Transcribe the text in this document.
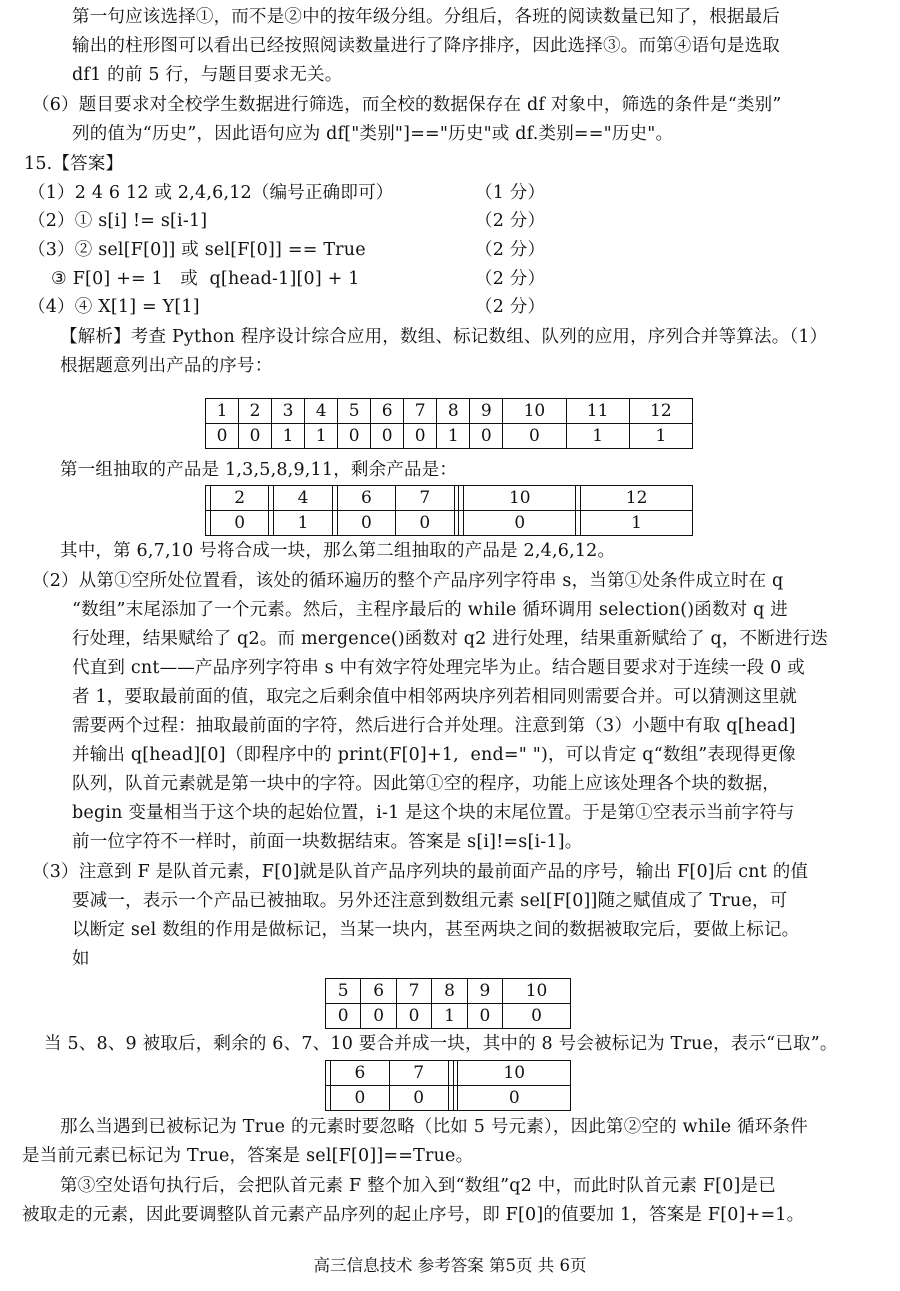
第一句应该选择①，而不是②中的按年级分组。分组后，各班的阅读数量已知了，根据最后
输出的柱形图可以看出已经按照阅读数量进行了降序排序，因此选择③。而第④语句是选取
df1 的前 5 行，与题目要求无关。
（6）题目要求对全校学生数据进行筛选，而全校的数据保存在 df 对象中，筛选的条件是“类别”
列的值为“历史”，因此语句应为 df["类别"]=="历史"或 df.类别=="历史"。
15.【答案】
（1）2 4 6 12 或 2,4,6,12（编号正确即可）	（1 分）
（2）① s[i] != s[i-1]	（2 分）
（3）② sel[F[0]] 或 sel[F[0]] == True	（2 分）
③ F[0] += 1   或  q[head-1][0] + 1	（2 分）
（4）④ X[1] = Y[1]	（2 分）
【解析】考查 Python 程序设计综合应用，数组、标记数组、队列的应用，序列合并等算法。（1）
根据题意列出产品的序号：
1	2	3	4	5	6	7	8	9	10	11	12
0	0	1	1	0	0	0	1	0	0	1	1
第一组抽取的产品是 1,3,5,8,9,11，剩余产品是：
	2		4		6	7			10		12
	0		1		0	0			0		1
其中，第 6,7,10 号将合成一块，那么第二组抽取的产品是 2,4,6,12。
（2）从第①空所处位置看，该处的循环遍历的整个产品序列字符串 s，当第①处条件成立时在 q
“数组”末尾添加了一个元素。然后，主程序最后的 while 循环调用 selection()函数对 q 进
行处理，结果赋给了 q2。而 mergence()函数对 q2 进行处理，结果重新赋给了 q，不断进行迭
代直到 cnt——产品序列字符串 s 中有效字符处理完毕为止。结合题目要求对于连续一段 0 或
者 1，要取最前面的值，取完之后剩余值中相邻两块序列若相同则需要合并。可以猜测这里就
需要两个过程：抽取最前面的字符，然后进行合并处理。注意到第（3）小题中有取 q[head]
并输出 q[head][0]（即程序中的 print(F[0]+1,  end=" ")，可以肯定 q“数组”表现得更像
队列，队首元素就是第一块中的字符。因此第①空的程序，功能上应该处理各个块的数据，
begin 变量相当于这个块的起始位置，i-1 是这个块的末尾位置。于是第①空表示当前字符与
前一位字符不一样时，前面一块数据结束。答案是 s[i]!=s[i-1]。
（3）注意到 F 是队首元素，F[0]就是队首产品序列块的最前面产品的序号，输出 F[0]后 cnt 的值
要减一，表示一个产品已被抽取。另外还注意到数组元素 sel[F[0]]随之赋值成了 True，可
以断定 sel 数组的作用是做标记，当某一块内，甚至两块之间的数据被取完后，要做上标记。
如
5	6	7	8	9	10
0	0	0	1	0	0
当 5、8、9 被取后，剩余的 6、7、10 要合并成一块，其中的 8 号会被标记为 True，表示“已取”。
	6	7			10
	0	0			0
那么当遇到已被标记为 True 的元素时要忽略（比如 5 号元素），因此第②空的 while 循环条件
是当前元素已标记为 True，答案是 sel[F[0]]==True。
第③空处语句执行后，会把队首元素 F 整个加入到“数组”q2 中，而此时队首元素 F[0]是已
被取走的元素，因此要调整队首元素产品序列的起止序号，即 F[0]的值要加 1，答案是 F[0]+=1。
高三信息技术 参考答案 第5页 共 6页
